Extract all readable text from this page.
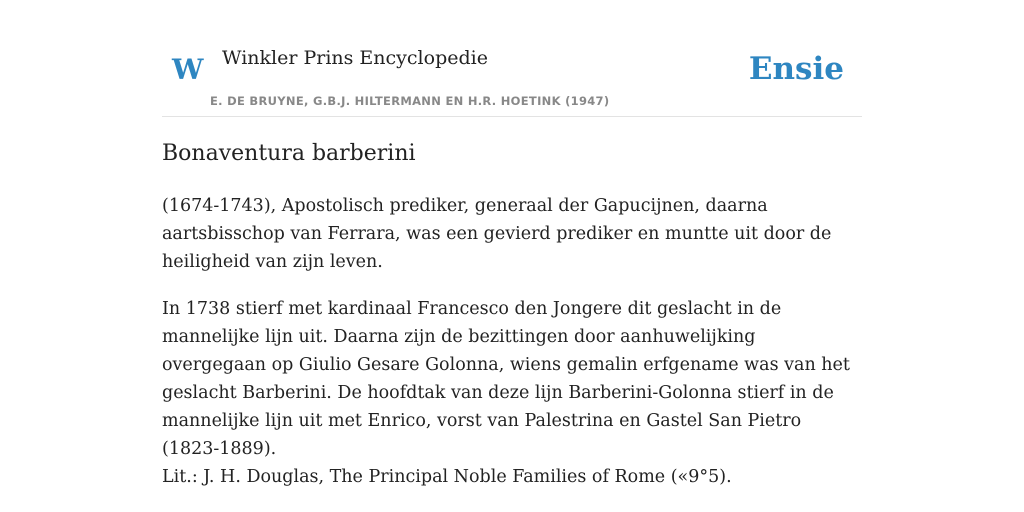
W Winkler Prins Encyclopedie
E. DE BRUYNE, G.B.J. HILTERMANN EN H.R. HOETINK (1947)
Ensie
Bonaventura barberini

(1674-1743), Apostolisch prediker, generaal der Gapucijnen, daarna aartsbisschop van Ferrara, was een gevierd prediker en muntte uit door de heiligheid van zijn leven.

In 1738 stierf met kardinaal Francesco den Jongere dit geslacht in de mannelijke lijn uit. Daarna zijn de bezittingen door aanhuwelijking overgegaan op Giulio Gesare Golonna, wiens gemalin erfgename was van het geslacht Barberini. De hoofdtak van deze lijn Barberini-Golonna stierf in de mannelijke lijn uit met Enrico, vorst van Palestrina en Gastel San Pietro (1823-1889).

Lit.: J. H. Douglas, The Principal Noble Families of Rome («9°5).
